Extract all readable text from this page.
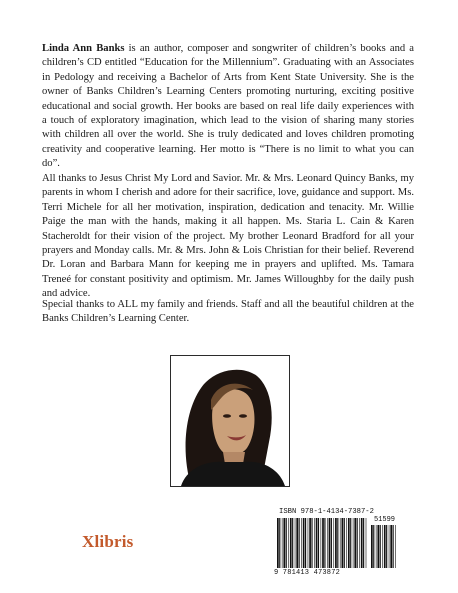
Linda Ann Banks is an author, composer and songwriter of children’s books and a children’s CD entitled “Education for the Millennium”. Graduating with an Associates in Pedology and receiving a Bachelor of Arts from Kent State University. She is the owner of Banks Children’s Learning Centers promoting nurturing, exciting positive educational and social growth. Her books are based on real life daily experiences with a touch of exploratory imagination, which lead to the vision of sharing many stories with children all over the world. She is truly dedicated and loves children promoting creativity and cooperative learning. Her motto is “There is no limit to what you can do”.

All thanks to Jesus Christ My Lord and Savior. Mr. & Mrs. Leonard Quincy Banks, my parents in whom I cherish and adore for their sacrifice, love, guidance and support. Ms. Terri Michele for all her motivation, inspiration, dedication and tenacity. Mr. Willie Paige the man with the hands, making it all happen. Ms. Staria L. Cain & Karen Stacheroldt for their vision of the project. My brother Leonard Bradford for all your prayers and Monday calls. Mr. & Mrs. John & Lois Christian for their belief. Reverend Dr. Loran and Barbara Mann for keeping me in prayers and uplifted. Ms. Tamara Treneé for constant positivity and optimism. Mr. James Willoughby for the daily push and advice.

Special thanks to ALL my family and friends. Staff and all the beautiful children at the Banks Children’s Learning Center.

Xlibris
ISBN 978-1-4134-7387-2
51599
9 781413 473872
